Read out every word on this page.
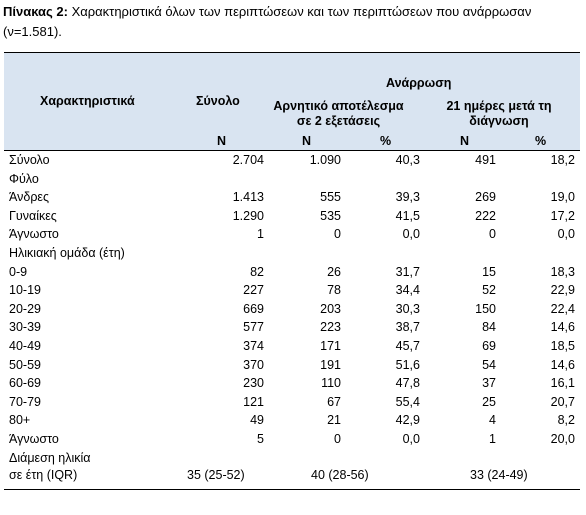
Πίνακας 2: Χαρακτηριστικά όλων των περιπτώσεων και των περιπτώσεων που ανάρρωσαν (ν=1.581).
Χαρακτηριστικά	Σύνολο
Ανάρρωση
Αρνητικό αποτέλεσμα σε 2 εξετάσεις
21 ημέρες μετά τη διάγνωση
N	N	%	N	%
Σύνολο	2.704	1.090	40,3	491	18,2
Φύλο
Άνδρες	1.413	555	39,3	269	19,0
Γυναίκες	1.290	535	41,5	222	17,2
Άγνωστο	1	0	0,0	0	0,0
Ηλικιακή ομάδα (έτη)
0-9	82	26	31,7	15	18,3
10-19	227	78	34,4	52	22,9
20-29	669	203	30,3	150	22,4
30-39	577	223	38,7	84	14,6
40-49	374	171	45,7	69	18,5
50-59	370	191	51,6	54	14,6
60-69	230	110	47,8	37	16,1
70-79	121	67	55,4	25	20,7
80+	49	21	42,9	4	8,2
Άγνωστο	5	0	0,0	1	20,0
Διάμεση ηλικία
σε έτη (IQR)	35 (25-52)	40 (28-56)	33 (24-49)
